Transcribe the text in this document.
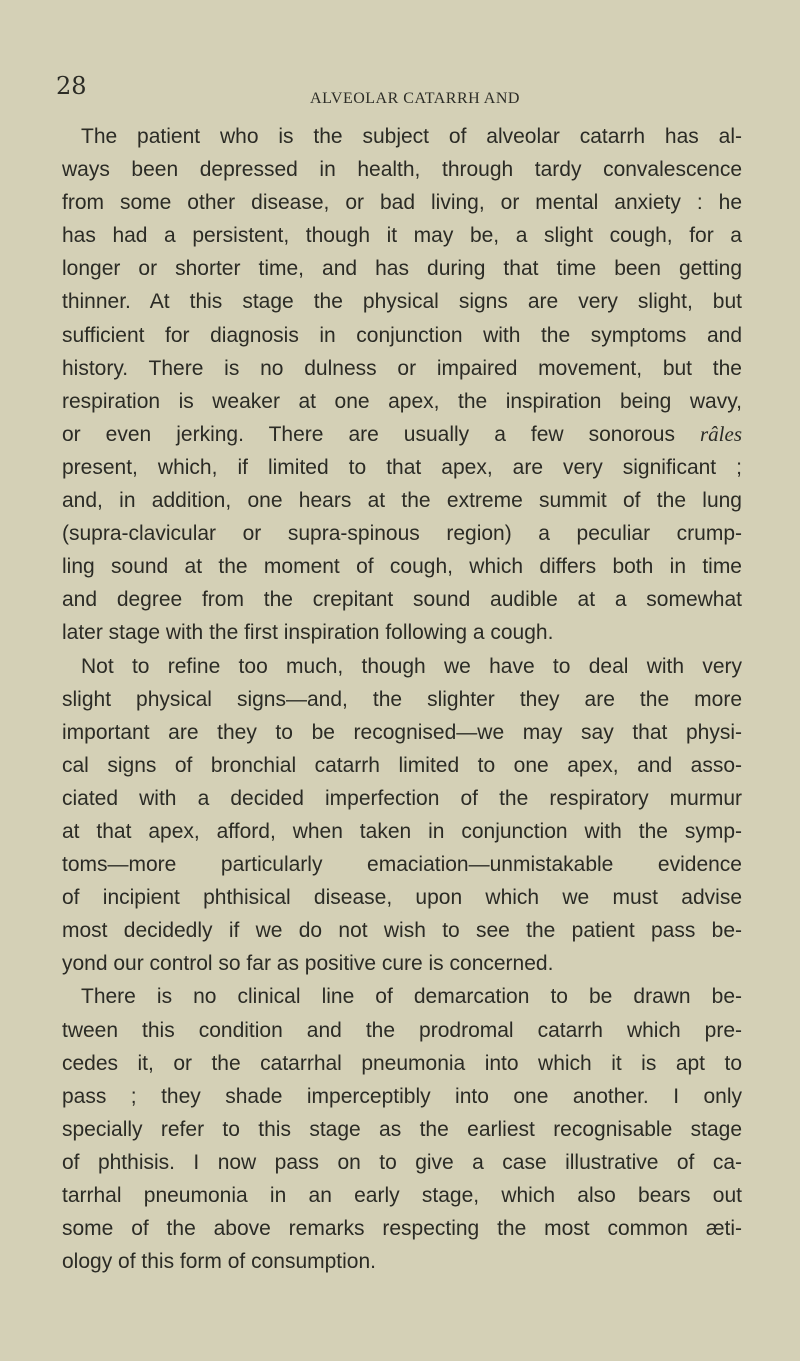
28	ALVEOLAR CATARRH AND
The patient who is the subject of alveolar catarrh has al-
ways been depressed in health, through tardy convalescence
from some other disease, or bad living, or mental anxiety : he
has had a persistent, though it may be, a slight cough, for a
longer or shorter time, and has during that time been getting
thinner. At this stage the physical signs are very slight, but
sufficient for diagnosis in conjunction with the symptoms and
history. There is no dulness or impaired movement, but the
respiration is weaker at one apex, the inspiration being wavy,
or even jerking. There are usually a few sonorous râles
present, which, if limited to that apex, are very significant ;
and, in addition, one hears at the extreme summit of the lung
(supra-clavicular or supra-spinous region) a peculiar crump-
ling sound at the moment of cough, which differs both in time
and degree from the crepitant sound audible at a somewhat
later stage with the first inspiration following a cough.
Not to refine too much, though we have to deal with very
slight physical signs—and, the slighter they are the more
important are they to be recognised—we may say that physi-
cal signs of bronchial catarrh limited to one apex, and asso-
ciated with a decided imperfection of the respiratory murmur
at that apex, afford, when taken in conjunction with the symp-
toms—more particularly emaciation—unmistakable evidence
of incipient phthisical disease, upon which we must advise
most decidedly if we do not wish to see the patient pass be-
yond our control so far as positive cure is concerned.
There is no clinical line of demarcation to be drawn be-
tween this condition and the prodromal catarrh which pre-
cedes it, or the catarrhal pneumonia into which it is apt to
pass ; they shade imperceptibly into one another. I only
specially refer to this stage as the earliest recognisable stage
of phthisis. I now pass on to give a case illustrative of ca-
tarrhal pneumonia in an early stage, which also bears out
some of the above remarks respecting the most common æti-
ology of this form of consumption.
